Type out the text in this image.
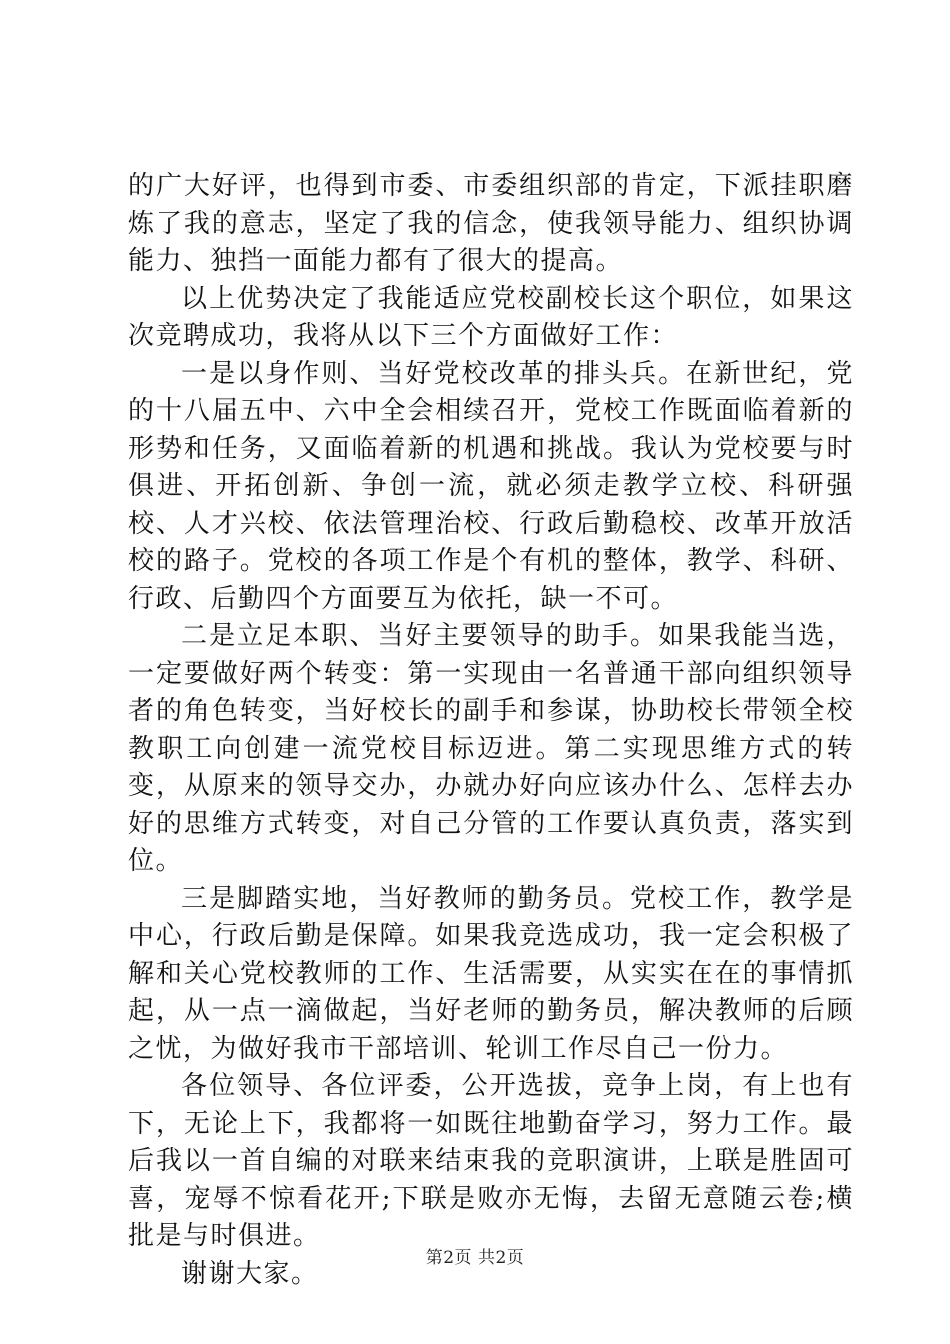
的广大好评，也得到市委、市委组织部的肯定，下派挂职磨炼了我的意志，坚定了我的信念，使我领导能力、组织协调能力、独挡一面能力都有了很大的提高。

以上优势决定了我能适应党校副校长这个职位，如果这次竞聘成功，我将从以下三个方面做好工作：

一是以身作则、当好党校改革的排头兵。在新世纪，党的十八届五中、六中全会相续召开，党校工作既面临着新的形势和任务，又面临着新的机遇和挑战。我认为党校要与时俱进、开拓创新、争创一流，就必须走教学立校、科研强校、人才兴校、依法管理治校、行政后勤稳校、改革开放活校的路子。党校的各项工作是个有机的整体，教学、科研、行政、后勤四个方面要互为依托，缺一不可。

二是立足本职、当好主要领导的助手。如果我能当选，一定要做好两个转变：第一实现由一名普通干部向组织领导者的角色转变，当好校长的副手和参谋，协助校长带领全校教职工向创建一流党校目标迈进。第二实现思维方式的转变，从原来的领导交办，办就办好向应该办什么、怎样去办好的思维方式转变，对自己分管的工作要认真负责，落实到位。

三是脚踏实地，当好教师的勤务员。党校工作，教学是中心，行政后勤是保障。如果我竞选成功，我一定会积极了解和关心党校教师的工作、生活需要，从实实在在的事情抓起，从一点一滴做起，当好老师的勤务员，解决教师的后顾之忧，为做好我市干部培训、轮训工作尽自己一份力。

各位领导、各位评委，公开选拔，竞争上岗，有上也有下，无论上下，我都将一如既往地勤奋学习，努力工作。最后我以一首自编的对联来结束我的竞职演讲，上联是胜固可喜，宠辱不惊看花开;下联是败亦无悔，去留无意随云卷;横批是与时俱进。

谢谢大家。

第2页 共2页
